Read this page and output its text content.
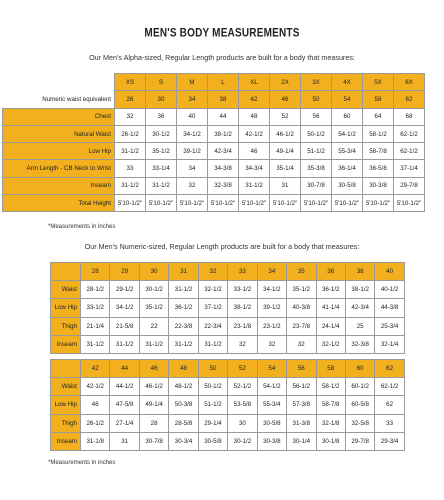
MEN'S BODY MEASUREMENTS
Our Men's Alpha-sized, Regular Length products are built for a body that measures:
	XS	S	M	L	XL	2X	3X	4X	5X	6X
Numeric waist equivalent	26	30	34	38	42	46	50	54	58	62
Chest	32	36	40	44	48	52	56	60	64	68
Natural Waist	26-1/2	30-1/2	34-1/2	38-1/2	42-1/2	46-1/2	50-1/2	54-1/2	58-1/2	62-1/2
Low Hip	31-1/2	35-1/2	39-1/2	42-3/4	46	49-1/4	51-1/2	55-3/4	58-7/8	62-1/2
Arm Length - CB Neck to Wrist	33	33-1/4	34	34-3/8	34-3/4	35-1/4	35-3/8	36-1/4	36-5/8	37-1/4
Inseam	31-1/2	31-1/2	32	32-3/8	31-1/2	31	30-7/8	30-5/8	30-3/8	29-7/8
Total Height	5'10-1/2"	5'10-1/2"	5'10-1/2"	5'10-1/2"	5'10-1/2"	5'10-1/2"	5'10-1/2"	5'10-1/2"	5'10-1/2"	5'10-1/2"
*Measurements in inches
Our Men's Numeric-sized, Regular Length products are built for a body that measures:
	28	29	30	31	32	33	34	35	36	38	40
Waist	28-1/2	29-1/2	30-1/2	31-1/2	32-1/2	33-1/2	34-1/2	35-1/2	36-1/2	38-1/2	40-1/2
Low Hip	33-1/2	34-1/2	35-1/2	36-1/2	37-1/2	38-1/2	39-1/2	40-3/8	41-1/4	42-3/4	44-3/8
Thigh	21-1/4	21-5/8	22	22-3/8	22-3/4	23-1/8	23-1/2	23-7/8	24-1/4	25	25-3/4
Inseam	31-1/2	31-1/2	31-1/2	31-1/2	31-1/2	32	32	32	32-1/2	32-3/8	32-1/4

	42	44	46	48	50	52	54	56	58	60	62
Waist	42-1/2	44-1/2	46-1/2	48-1/2	50-1/2	52-1/2	54-1/2	56-1/2	58-1/2	60-1/2	62-1/2
Low Hip	46	47-5/8	49-1/4	50-3/8	51-1/2	53-5/8	55-3/4	57-3/8	58-7/8	60-5/8	62
Thigh	26-1/2	27-1/4	28	28-5/8	29-1/4	30	30-5/8	31-3/8	32-1/8	32-5/8	33
Inseam	31-1/8	31	30-7/8	30-3/4	30-5/8	30-1/2	30-3/8	30-1/4	30-1/8	29-7/8	29-3/4
*Measurements in inches
